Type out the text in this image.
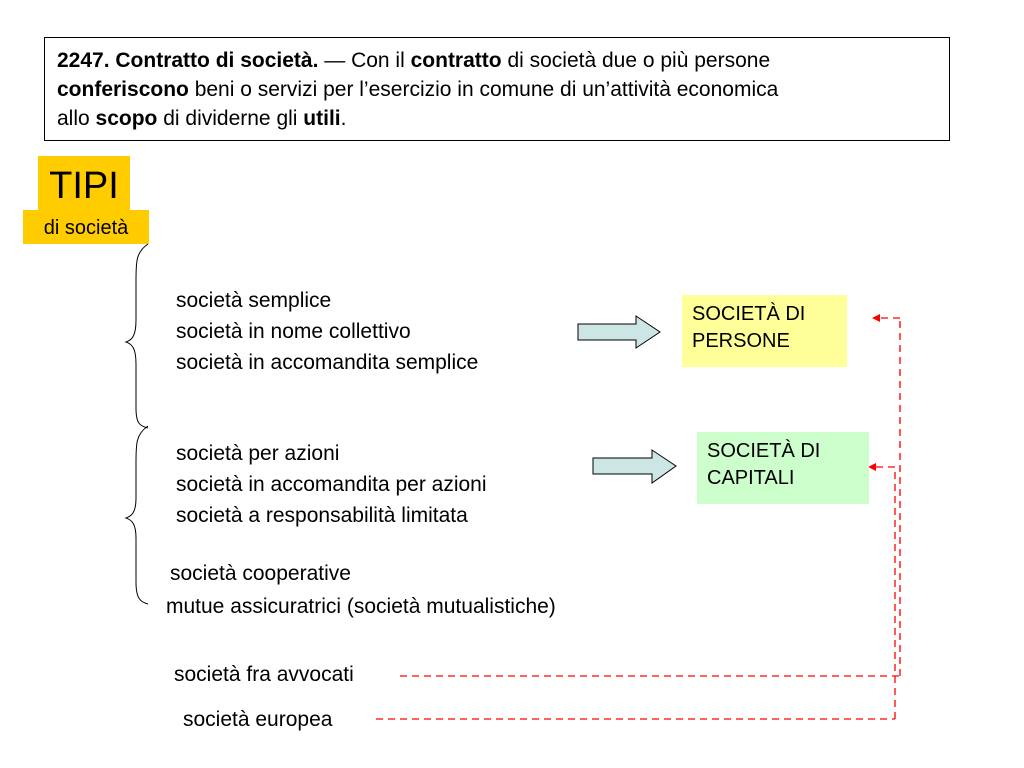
2247. Contratto di società. — Con il contratto di società due o più persone
conferiscono beni o servizi per l’esercizio in comune di un’attività economica
allo scopo di dividerne gli utili.
TIPI
di società
società semplice
società in nome collettivo
società in accomandita semplice
SOCIETÀ DI
PERSONE
società per azioni
società in accomandita per azioni
società a responsabilità limitata
SOCIETÀ DI
CAPITALI
società cooperative
mutue assicuratrici (società mutualistiche)
società fra avvocati
società europea
